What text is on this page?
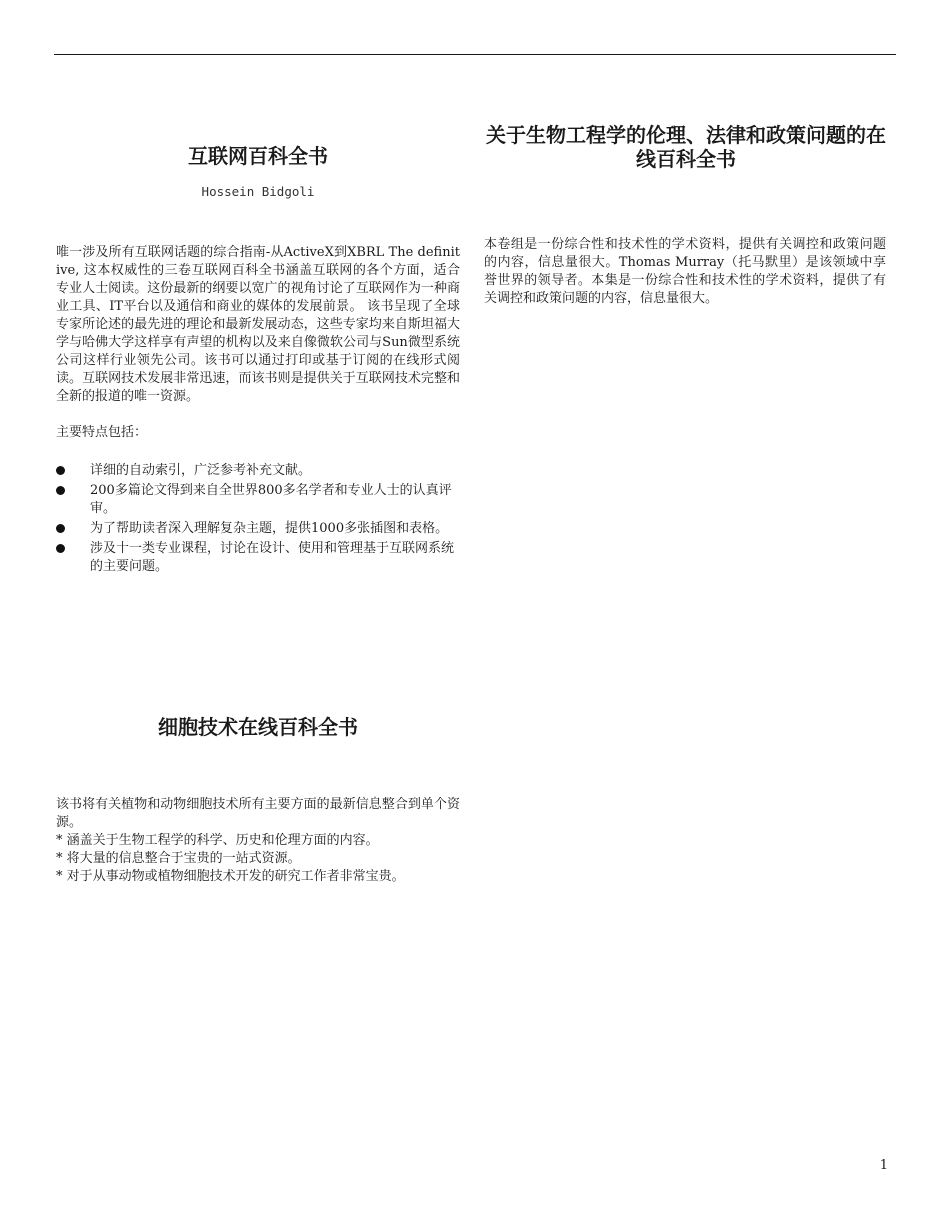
互联网百科全书
Hossein Bidgoli
唯一涉及所有互联网话题的综合指南-从ActiveX到XBRL The definitive, 这本权威性的三卷互联网百科全书涵盖互联网的各个方面，适合专业人士阅读。这份最新的纲要以宽广的视角讨论了互联网作为一种商业工具、IT平台以及通信和商业的媒体的发展前景。 该书呈现了全球专家所论述的最先进的理论和最新发展动态，这些专家均来自斯坦福大学与哈佛大学这样享有声望的机构以及来自像微软公司与Sun微型系统公司这样行业领先公司。该书可以通过打印或基于订阅的在线形式阅读。互联网技术发展非常迅速，而该书则是提供关于互联网技术完整和全新的报道的唯一资源。
主要特点包括：
详细的自动索引，广泛参考补充文献。
200多篇论文得到来自全世界800多名学者和专业人士的认真评审。
为了帮助读者深入理解复杂主题，提供1000多张插图和表格。
涉及十一类专业课程，讨论在设计、使用和管理基于互联网系统的主要问题。
关于生物工程学的伦理、法律和政策问题的在线百科全书
本卷组是一份综合性和技术性的学术资料，提供有关调控和政策问题的内容，信息量很大。Thomas Murray（托马默里）是该领域中享誉世界的领导者。本集是一份综合性和技术性的学术资料，提供了有关调控和政策问题的内容，信息量很大。
细胞技术在线百科全书
该书将有关植物和动物细胞技术所有主要方面的最新信息整合到单个资源。
* 涵盖关于生物工程学的科学、历史和伦理方面的内容。
* 将大量的信息整合于宝贵的一站式资源。
* 对于从事动物或植物细胞技术开发的研究工作者非常宝贵。
1
